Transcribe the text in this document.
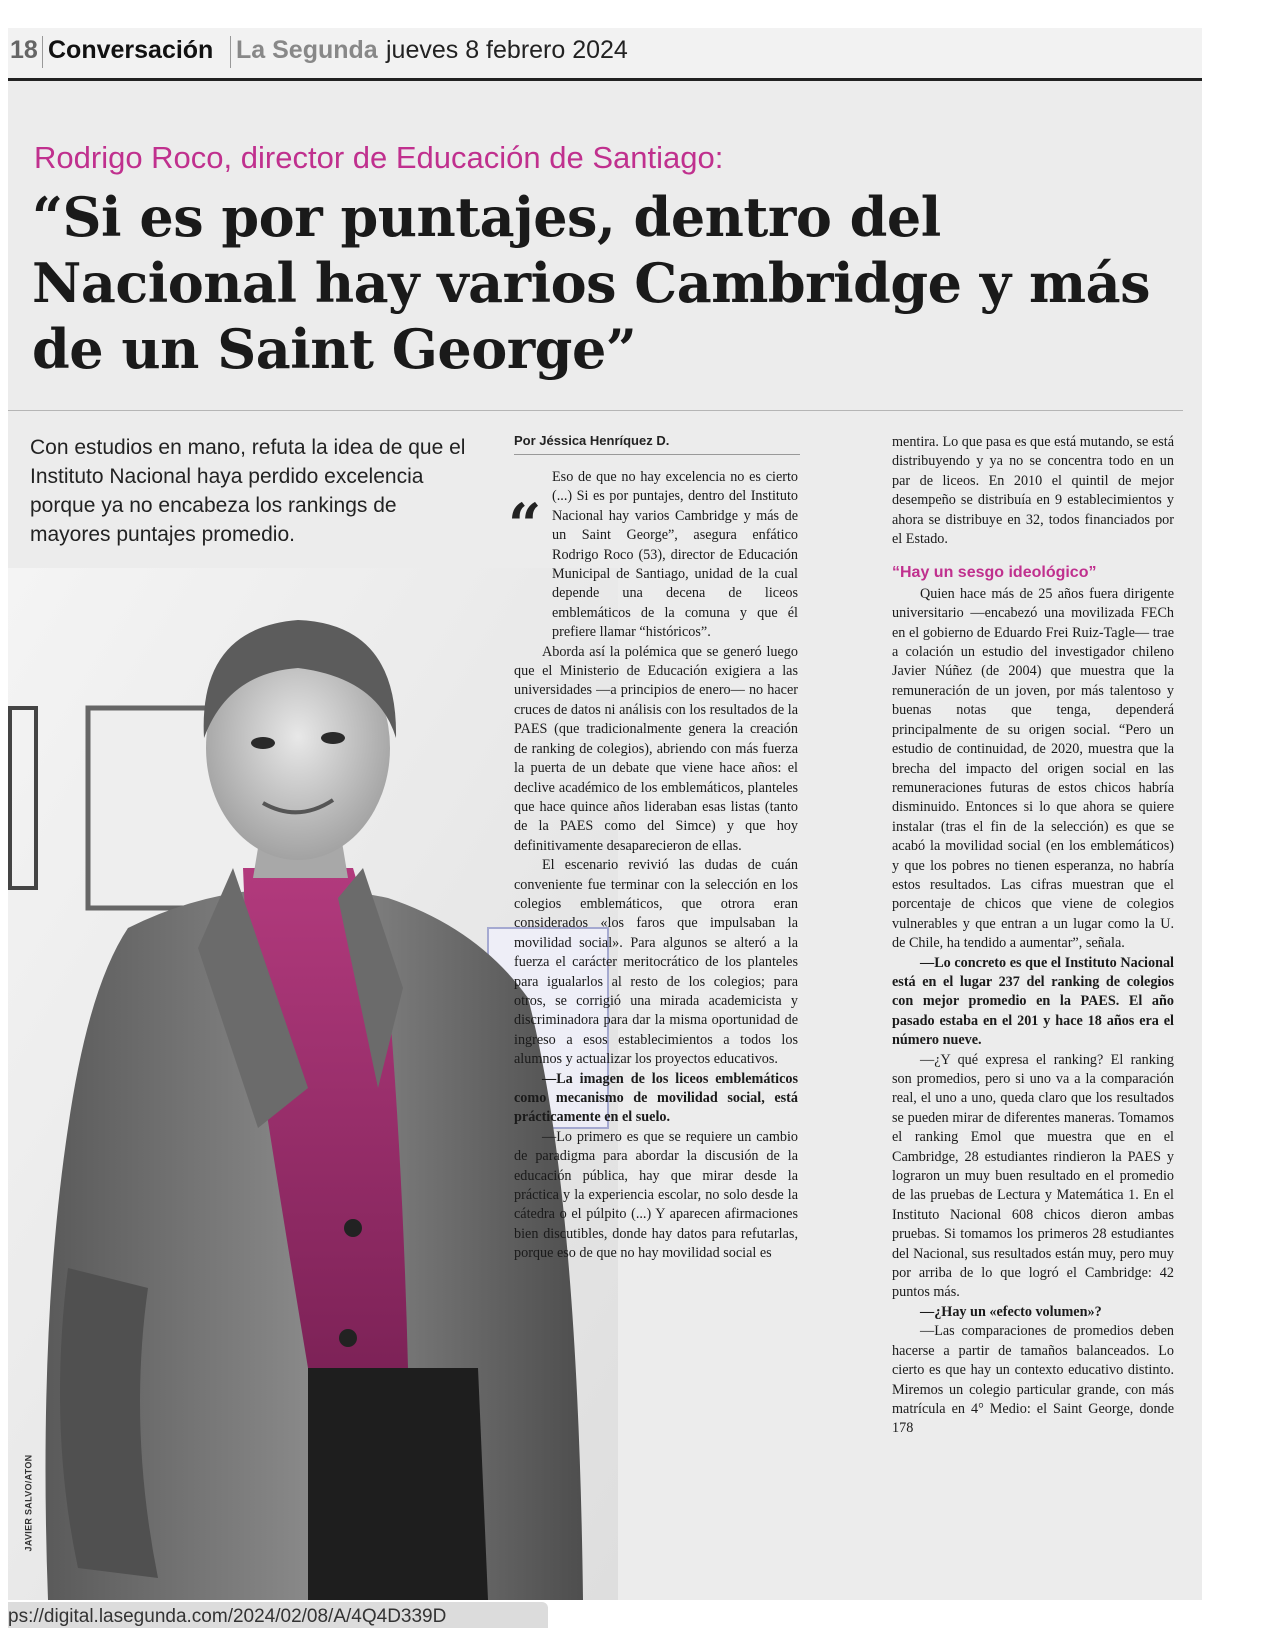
18 Conversación La Segunda jueves 8 febrero 2024
Rodrigo Roco, director de Educación de Santiago:
“Si es por puntajes, dentro del Nacional hay varios Cambridge y más de un Saint George”

Con estudios en mano, refuta la idea de que el Instituto Nacional haya perdido excelencia porque ya no encabeza los rankings de mayores puntajes promedio.

Por Jéssica Henríquez D.
JAVIER SALVO/ATON
“

Eso de que no hay excelencia no es cierto (...) Si es por puntajes, dentro del Instituto Nacional hay varios Cambridge y más de un Saint George”, asegura enfático Rodrigo Roco (53), director de Educación Municipal de Santiago, unidad de la cual depende una decena de liceos emblemáticos de la comuna y que él prefiere llamar “históricos”.

Aborda así la polémica que se generó luego que el Ministerio de Educación exigiera a las universidades —a principios de enero— no hacer cruces de datos ni análisis con los resultados de la PAES (que tradicionalmente genera la creación de ranking de colegios), abriendo con más fuerza la puerta de un debate que viene hace años: el declive académico de los emblemáticos, planteles que hace quince años lideraban esas listas (tanto de la PAES como del Simce) y que hoy definitivamente desaparecieron de ellas.

El escenario revivió las dudas de cuán conveniente fue terminar con la selección en los colegios emblemáticos, que otrora eran considerados «los faros que impulsaban la movilidad social». Para algunos se alteró a la fuerza el carácter meritocrático de los planteles para igualarlos al resto de los colegios; para otros, se corrigió una mirada academicista y discriminadora para dar la misma oportunidad de ingreso a esos establecimientos a todos los alumnos y actualizar los proyectos educativos.

—La imagen de los liceos emblemáticos como mecanismo de movilidad social, está prácticamente en el suelo.

—Lo primero es que se requiere un cambio de paradigma para abordar la discusión de la educación pública, hay que mirar desde la práctica y la experiencia escolar, no solo desde la cátedra o el púlpito (...) Y aparecen afirmaciones bien discutibles, donde hay datos para refutarlas, porque eso de que no hay movilidad social es

mentira. Lo que pasa es que está mutando, se está distribuyendo y ya no se concentra todo en un par de liceos. En 2010 el quintil de mejor desempeño se distribuía en 9 establecimientos y ahora se distribuye en 32, todos financiados por el Estado.

“Hay un sesgo ideológico”

Quien hace más de 25 años fuera dirigente universitario —encabezó una movilizada FECh en el gobierno de Eduardo Frei Ruiz-Tagle— trae a colación un estudio del investigador chileno Javier Núñez (de 2004) que muestra que la remuneración de un joven, por más talentoso y buenas notas que tenga, dependerá principalmente de su origen social. “Pero un estudio de continuidad, de 2020, muestra que la brecha del impacto del origen social en las remuneraciones futuras de estos chicos habría disminuido. Entonces si lo que ahora se quiere instalar (tras el fin de la selección) es que se acabó la movilidad social (en los emblemáticos) y que los pobres no tienen esperanza, no habría estos resultados. Las cifras muestran que el porcentaje de chicos que viene de colegios vulnerables y que entran a un lugar como la U. de Chile, ha tendido a aumentar”, señala.

—Lo concreto es que el Instituto Nacional está en el lugar 237 del ranking de colegios con mejor promedio en la PAES. El año pasado estaba en el 201 y hace 18 años era el número nueve.

—¿Y qué expresa el ranking? El ranking son promedios, pero si uno va a la comparación real, el uno a uno, queda claro que los resultados se pueden mirar de diferentes maneras. Tomamos el ranking Emol que muestra que en el Cambridge, 28 estudiantes rindieron la PAES y lograron un muy buen resultado en el promedio de las pruebas de Lectura y Matemática 1. En el Instituto Nacional 608 chicos dieron ambas pruebas. Si tomamos los primeros 28 estudiantes del Nacional, sus resultados están muy, pero muy por arriba de lo que logró el Cambridge: 42 puntos más.

—¿Hay un «efecto volumen»?

—Las comparaciones de promedios deben hacerse a partir de tamaños balanceados. Lo cierto es que hay un contexto educativo distinto. Miremos un colegio particular grande, con más matrícula en 4° Medio: el Saint George, donde 178

ps://digital.lasegunda.com/2024/02/08/A/4Q4D339D
